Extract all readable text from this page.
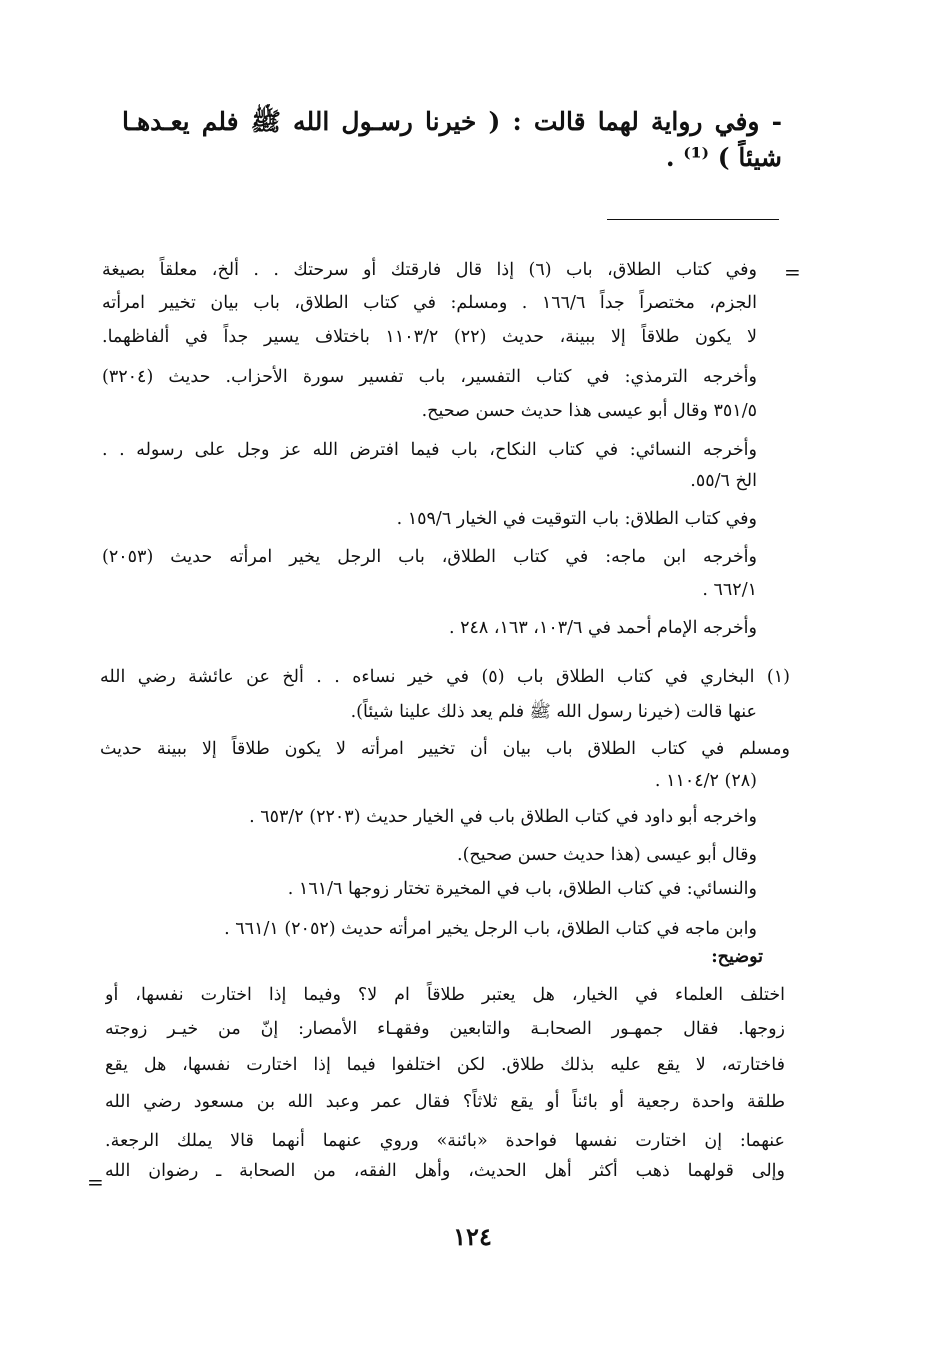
- وفي رواية لهما قالت : ( خيرنا رسـول الله ﷺ فلم يعـدهـا
شيئاً ) ⁽¹⁾ .
=
وفي كتاب الطلاق، باب (٦) إذا قال فارقتك أو سرحتك . . ألخ، معلقاً بصيغة
الجزم، مختصراً جداً ١٦٦/٦ . ومسلم: في كتاب الطلاق، باب بيان تخيير امرأته
لا يكون طلاقاً إلا ببينة، حديث (٢٢) ١١٠٣/٢ باختلاف يسير جداً في ألفاظهما.
وأخرجه الترمذي: في كتاب التفسير، باب تفسير سورة الأحزاب. حديث (٣٢٠٤)
٣٥١/٥ وقال أبو عيسى هذا حديث حسن صحيح.
وأخرجه النسائي: في كتاب النكاح، باب فيما افترض الله عز وجل على رسوله . .
الخ ٥٥/٦.
وفي كتاب الطلاق: باب التوقيت في الخيار ١٥٩/٦ .
وأخرجه ابن ماجه: في كتاب الطلاق، باب الرجل يخير امرأته حديث (٢٠٥٣)
٦٦٢/١ .
وأخرجه الإمام أحمد في ١٠٣/٦، ١٦٣، ٢٤٨ .
(١) البخاري في كتاب الطلاق باب (٥) في خير نساءه . . ألخ عن عائشة رضي الله
عنها قالت (خيرنا رسول الله ﷺ فلم يعد ذلك علينا شيئاً).
ومسلم في كتاب الطلاق باب بيان أن تخيير امرأته لا يكون طلاقاً إلا ببينة حديث
(٢٨) ١١٠٤/٢ .
واخرجه أبو داود في كتاب الطلاق باب في الخيار حديث (٢٢٠٣) ٦٥٣/٢ .
وقال أبو عيسى (هذا حديث حسن صحيح).
والنسائي: في كتاب الطلاق، باب في المخيرة تختار زوجها ١٦١/٦ .
وابن ماجه في كتاب الطلاق، باب الرجل يخير امرأته حديث (٢٠٥٢) ٦٦١/١ .
توضيح:
اختلف العلماء في الخيار، هل يعتبر طلاقاً ام لا؟ وفيما إذا اختارت نفسها، أو
زوجها. فقال جمهـور الصحابـة والتابعين وفقهـاء الأمصار: إنّ من خيـر زوجته
فاختارته، لا يقع عليه بذلك طلاق. لكن اختلفوا فيما إذا اختارت نفسها، هل يقع
طلقة واحدة رجعية أو بائناً أو يقع ثلاثاً؟ فقال عمر وعبد الله بن مسعود رضي الله
عنهما: إن اختارت نفسها فواحدة «بائنة» وروي عنهما أنهما قالا يملك الرجعة.
وإلى قولهما ذهب أكثر أهل الحديث، وأهل الفقه، من الصحابة ـ رضوان الله
=
١٢٤
